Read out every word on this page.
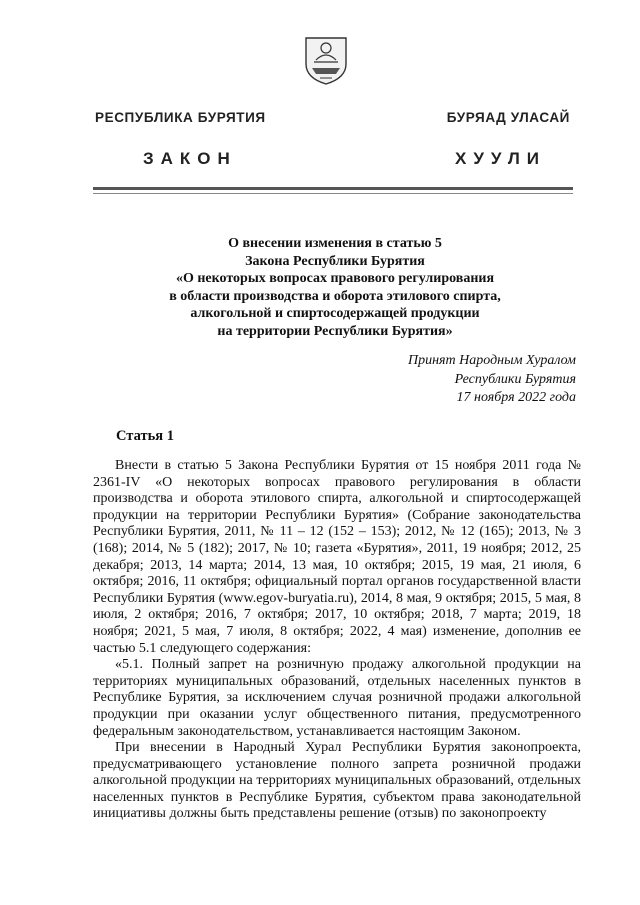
РЕСПУБЛИКА БУРЯТИЯ	БУРЯАД УЛАСАЙ
ЗАКОН	ХУУЛИ
О внесении изменения в статью 5
Закона Республики Бурятия
«О некоторых вопросах правового регулирования
в области производства и оборота этилового спирта,
алкогольной и спиртосодержащей продукции
на территории Республики Бурятия»
Принят Народным Хуралом
Республики Бурятия
17 ноября 2022 года
Статья 1

Внести в статью 5 Закона Республики Бурятия от 15 ноября 2011 года № 2361-IV «О некоторых вопросах правового регулирования в области производства и оборота этилового спирта, алкогольной и спиртосодержащей продукции на территории Республики Бурятия» (Собрание законодательства Республики Бурятия, 2011, № 11 – 12 (152 – 153); 2012, № 12 (165); 2013, № 3 (168); 2014, № 5 (182); 2017, № 10; газета «Бурятия», 2011, 19 ноября; 2012, 25 декабря; 2013, 14 марта; 2014, 13 мая, 10 октября; 2015, 19 мая, 21 июля, 6 октября; 2016, 11 октября; официальный портал органов государственной власти Республики Бурятия (www.egov-buryatia.ru), 2014, 8 мая, 9 октября; 2015, 5 мая, 8 июля, 2 октября; 2016, 7 октября; 2017, 10 октября; 2018, 7 марта; 2019, 18 ноября; 2021, 5 мая, 7 июля, 8 октября; 2022, 4 мая) изменение, дополнив ее частью 5.1 следующего содержания:

«5.1. Полный запрет на розничную продажу алкогольной продукции на территориях муниципальных образований, отдельных населенных пунктов в Республике Бурятия, за исключением случая розничной продажи алкогольной продукции при оказании услуг общественного питания, предусмотренного федеральным законодательством, устанавливается настоящим Законом.

При внесении в Народный Хурал Республики Бурятия законопроекта, предусматривающего установление полного запрета розничной продажи алкогольной продукции на территориях муниципальных образований, отдельных населенных пунктов в Республике Бурятия, субъектом права законодательной инициативы должны быть представлены решение (отзыв) по законопроекту
